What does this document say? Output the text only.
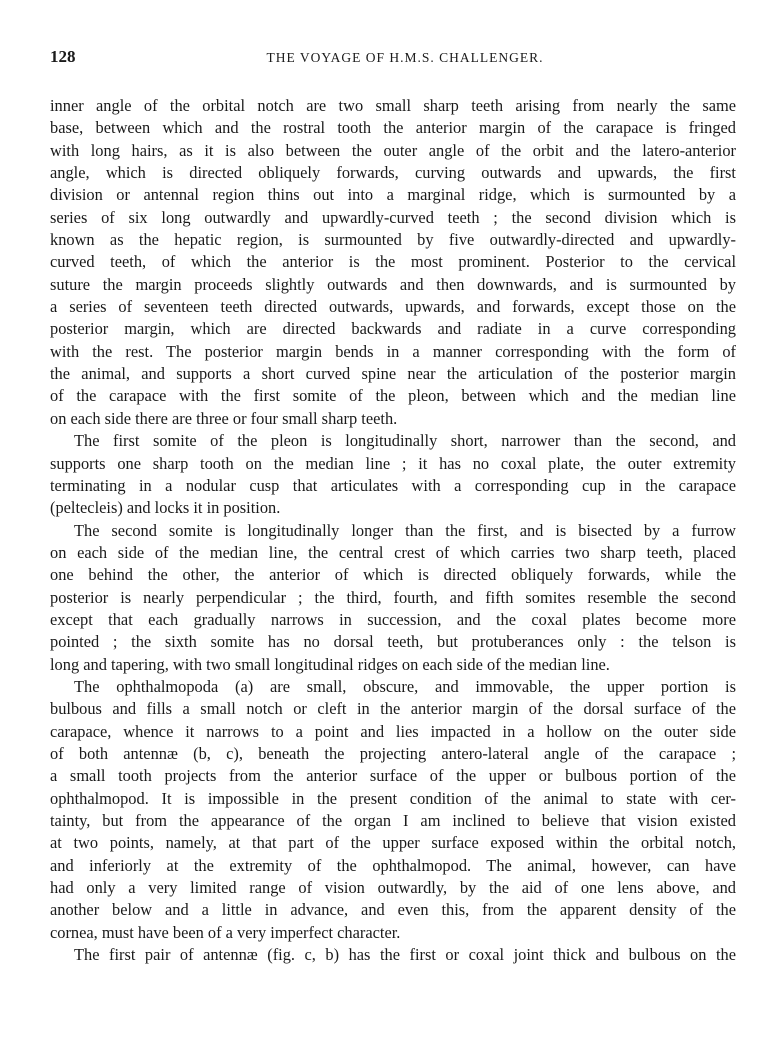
128	THE VOYAGE OF H.M.S. CHALLENGER.
inner angle of the orbital notch are two small sharp teeth arising from nearly the same
base, between which and the rostral tooth the anterior margin of the carapace is fringed
with long hairs, as it is also between the outer angle of the orbit and the latero-anterior
angle, which is directed obliquely forwards, curving outwards and upwards, the first
division or antennal region thins out into a marginal ridge, which is surmounted by a
series of six long outwardly and upwardly-curved teeth ; the second division which is
known as the hepatic region, is surmounted by five outwardly-directed and upwardly-
curved teeth, of which the anterior is the most prominent. Posterior to the cervical
suture the margin proceeds slightly outwards and then downwards, and is surmounted by
a series of seventeen teeth directed outwards, upwards, and forwards, except those on the
posterior margin, which are directed backwards and radiate in a curve corresponding
with the rest. The posterior margin bends in a manner corresponding with the form of
the animal, and supports a short curved spine near the articulation of the posterior margin
of the carapace with the first somite of the pleon, between which and the median line
on each side there are three or four small sharp teeth.
The first somite of the pleon is longitudinally short, narrower than the second, and
supports one sharp tooth on the median line ; it has no coxal plate, the outer extremity
terminating in a nodular cusp that articulates with a corresponding cup in the carapace
(peltecleis) and locks it in position.
The second somite is longitudinally longer than the first, and is bisected by a furrow
on each side of the median line, the central crest of which carries two sharp teeth, placed
one behind the other, the anterior of which is directed obliquely forwards, while the
posterior is nearly perpendicular ; the third, fourth, and fifth somites resemble the second
except that each gradually narrows in succession, and the coxal plates become more
pointed ; the sixth somite has no dorsal teeth, but protuberances only : the telson is
long and tapering, with two small longitudinal ridges on each side of the median line.
The ophthalmopoda (a) are small, obscure, and immovable, the upper portion is
bulbous and fills a small notch or cleft in the anterior margin of the dorsal surface of the
carapace, whence it narrows to a point and lies impacted in a hollow on the outer side
of both antennæ (b, c), beneath the projecting antero-lateral angle of the carapace ;
a small tooth projects from the anterior surface of the upper or bulbous portion of the
ophthalmopod. It is impossible in the present condition of the animal to state with cer-
tainty, but from the appearance of the organ I am inclined to believe that vision existed
at two points, namely, at that part of the upper surface exposed within the orbital notch,
and inferiorly at the extremity of the ophthalmopod. The animal, however, can have
had only a very limited range of vision outwardly, by the aid of one lens above, and
another below and a little in advance, and even this, from the apparent density of the
cornea, must have been of a very imperfect character.
The first pair of antennæ (fig. c, b) has the first or coxal joint thick and bulbous on the
